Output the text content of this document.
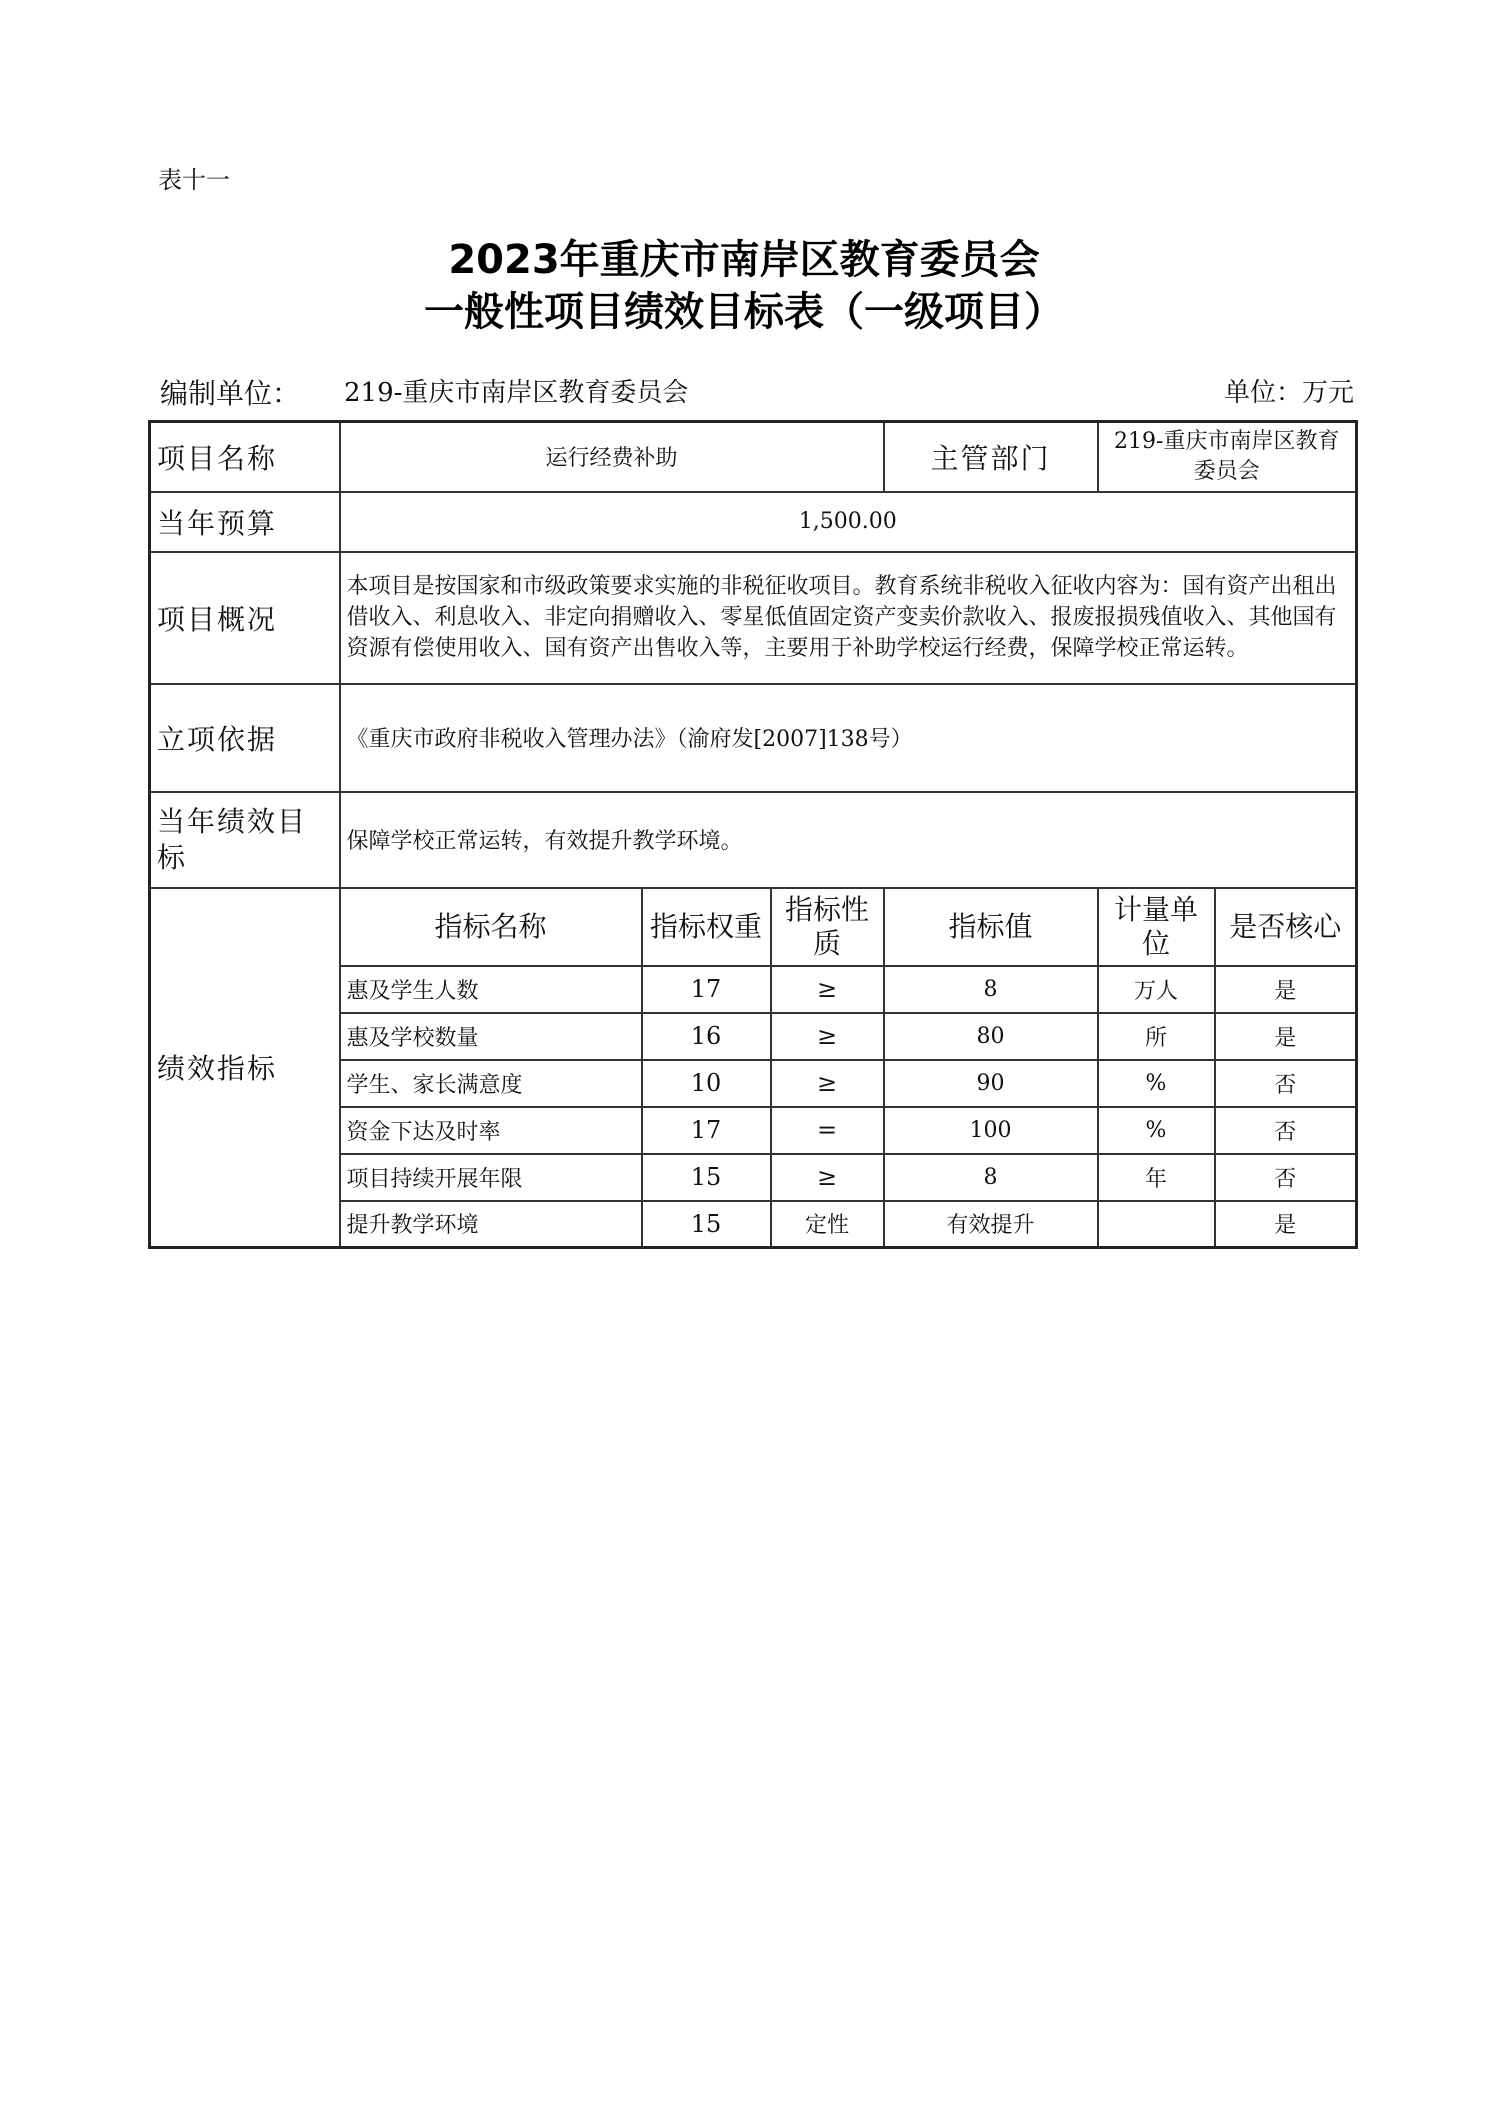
表十一
2023年重庆市南岸区教育委员会
一般性项目绩效目标表（一级项目）
编制单位： 219-重庆市南岸区教育委员会	单位：万元
项目名称	运行经费补助			主管部门	219-重庆市南岸区教育委员会	
当年预算	1,500.00					
项目概况	本项目是按国家和市级政策要求实施的非税征收项目。教育系统非税收入征收内容为：国有资产出租出借收入、利息收入、非定向捐赠收入、零星低值固定资产变卖价款收入、报废报损残值收入、其他国有资源有偿使用收入、国有资产出售收入等，主要用于补助学校运行经费，保障学校正常运转。					
立项依据	《重庆市政府非税收入管理办法》（渝府发[2007]138号）					
当年绩效目标	保障学校正常运转，有效提升教学环境。					
绩效指标	指标名称	指标权重	指标性质	指标值	计量单位	是否核心
	惠及学生人数	17	≥	8	万人	是
	惠及学校数量	16	≥	80	所	是
	学生、家长满意度	10	≥	90	%	否
	资金下达及时率	17	=	100	%	否
	项目持续开展年限	15	≥	8	年	否
	提升教学环境	15	定性	有效提升		是
